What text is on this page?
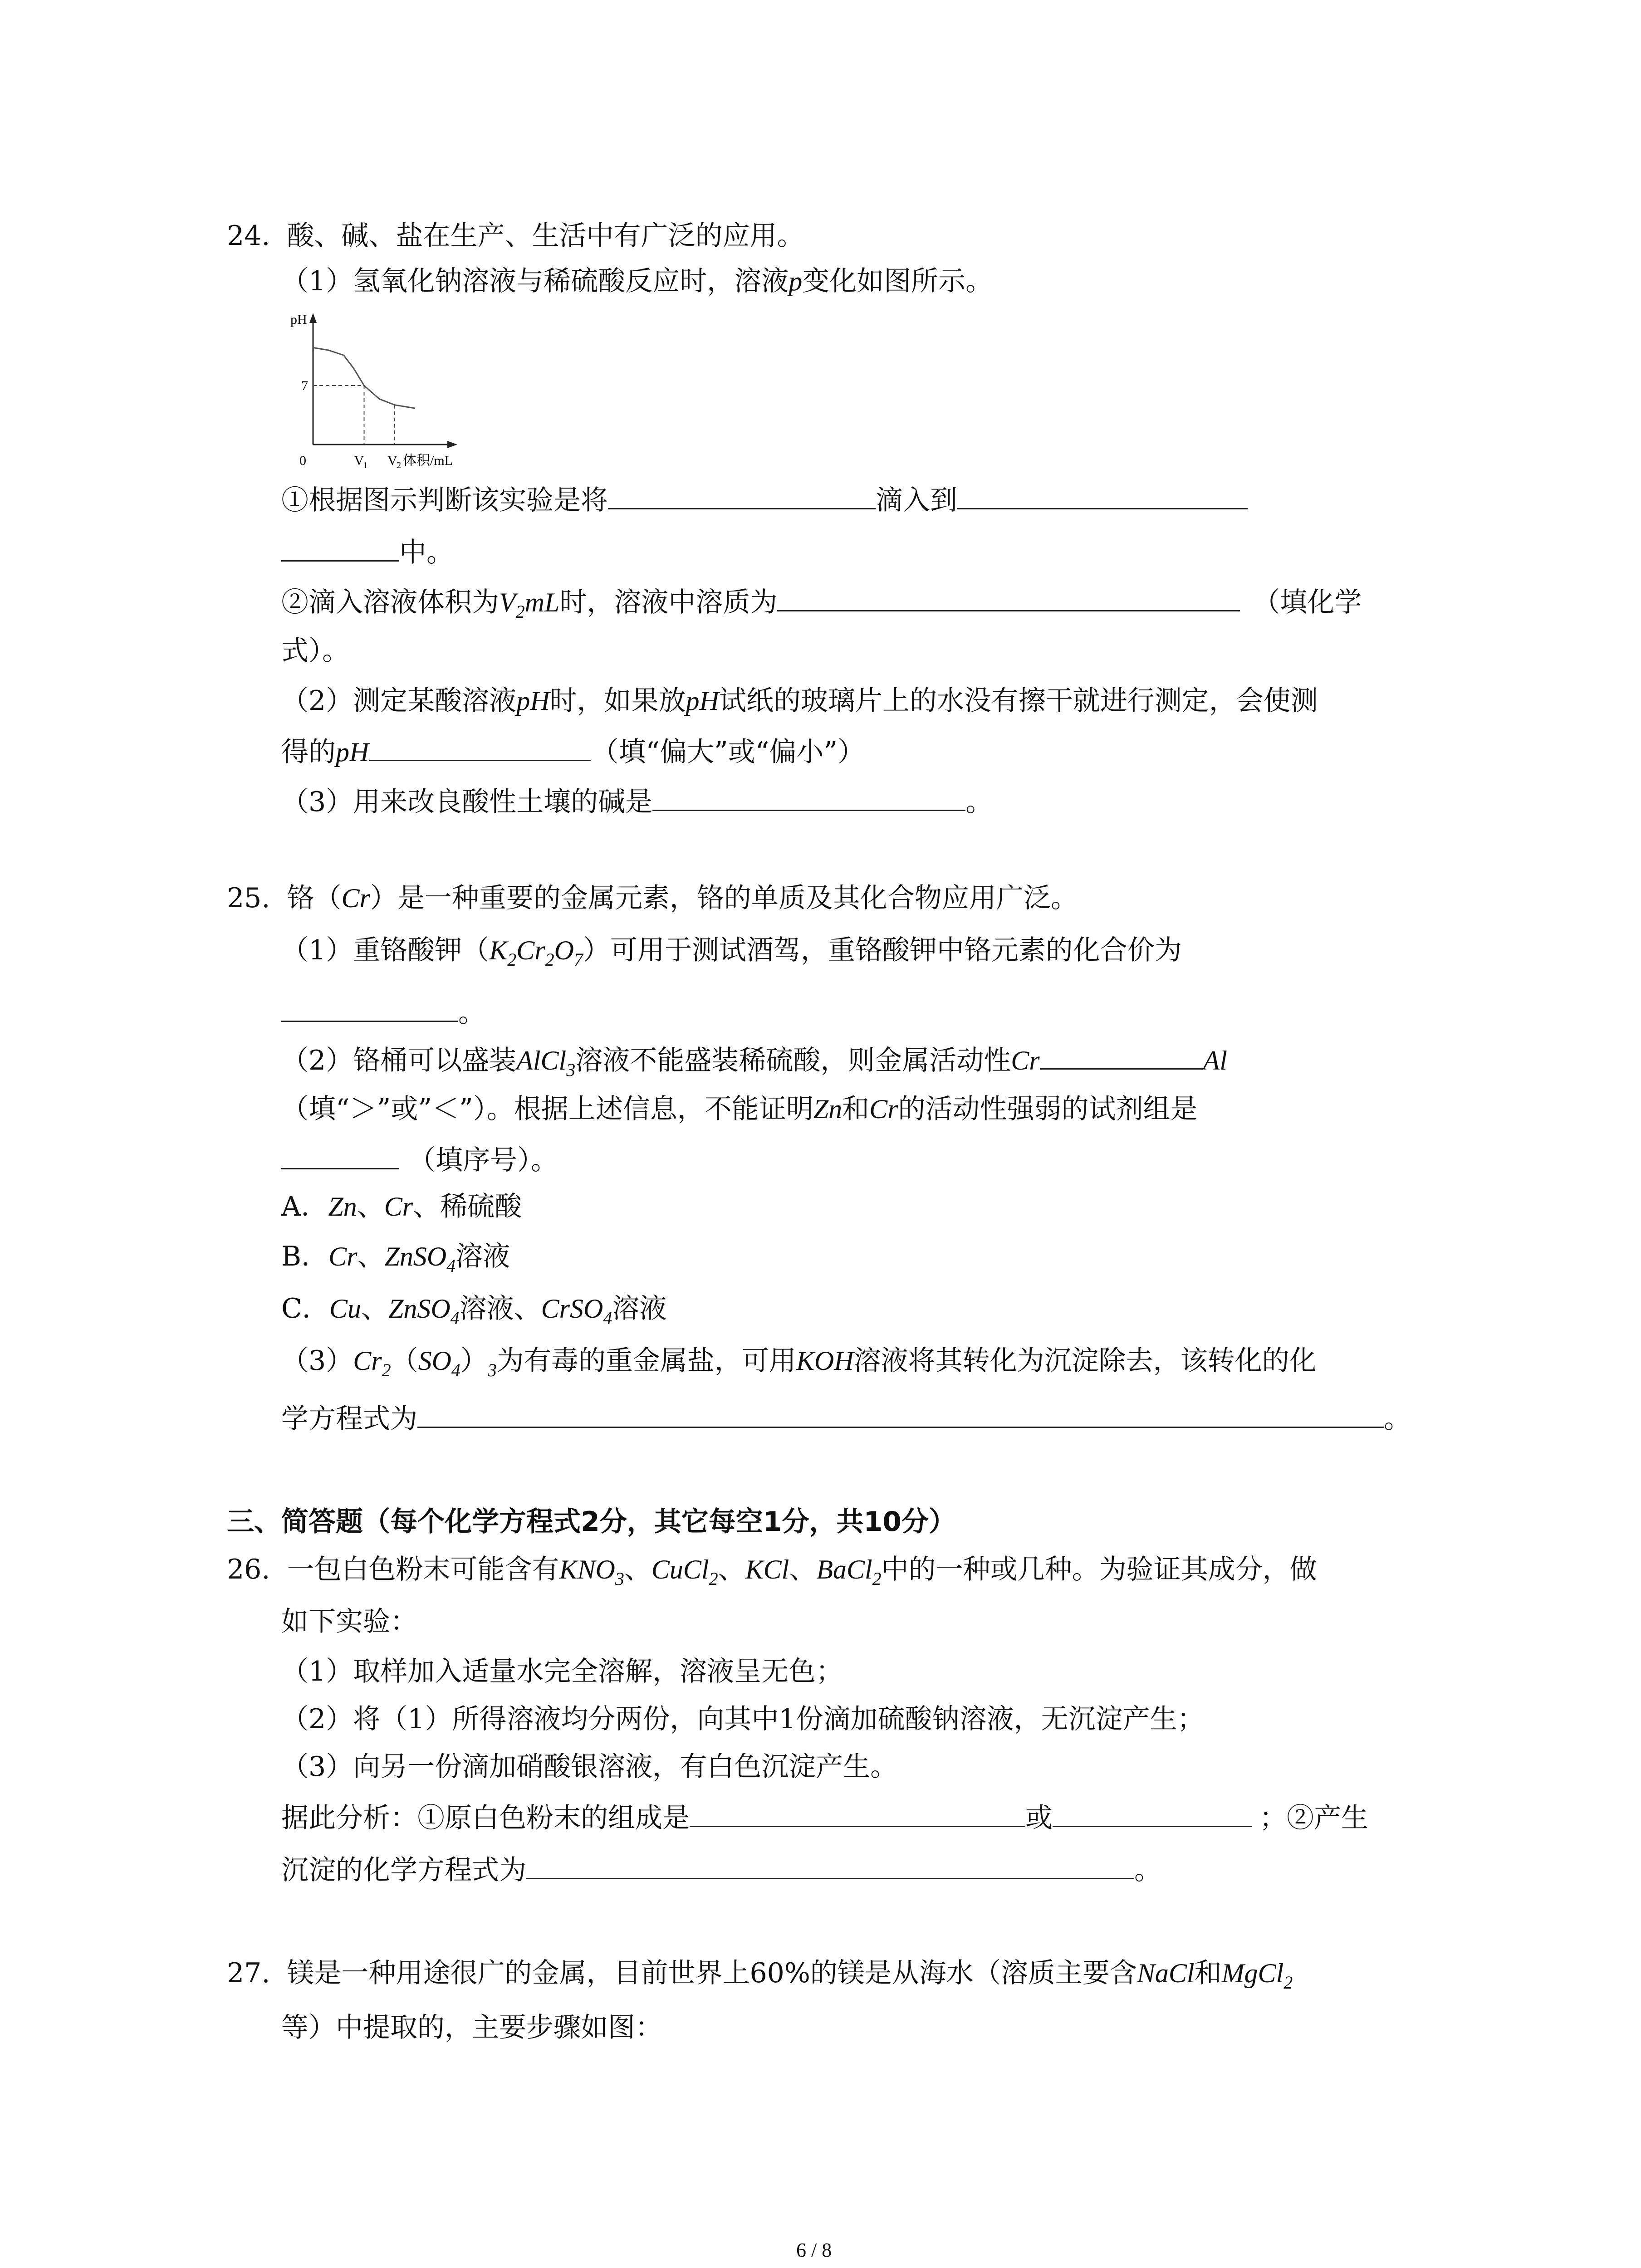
24. 酸、碱、盐在生产、生活中有广泛的应用。
（1）氢氧化钠溶液与稀硫酸反应时，溶液p变化如图所示。
pH
7
0	V
1 V
2 体积/mL
①根据图示判断该实验是将	滴入到
中。
②滴入溶液体积为$V_2mL$时，溶液中溶质为	（填化学
式）。
（2）测定某酸溶液pH时，如果放pH试纸的玻璃片上的水没有擦干就进行测定，会使测
得的pH	（填“偏大”或“偏小”）
（3）用来改良酸性土壤的碱是	。
25. 铬（Cr）是一种重要的金属元素，铬的单质及其化合物应用广泛。
（1）重铬酸钾$(K_2Cr_2O_7)$可用于测试酒驾，重铬酸钾中铬元素的化合价为
。
（2）铬桶可以盛装AlCl$_3$溶液不能盛装稀硫酸，则金属活动性Cr	Al
（填“＞”或”＜”）。根据上述信息，不能证明Zn和Cr的活动性强弱的试剂组是
（填序号）。
A．Zn、Cr、稀硫酸
B．Cr、ZnSO$_4$溶液
C．Cu、ZnSO$_4$溶液、CrSO$_4$溶液
$(3)Cr_2(SO_4)_3$为有毒的重金属盐，可用KOH溶液将其转化为沉淀除去，该转化的化
学方程式为	。
三、简答题（每个化学方程式2分，其它每空1分，共10分）
26. 一包白色粉末可能含有$KNO_3$、CuCl$_2$、KCl、BaCl$_2$中的一种或几种。为验证其成分，做
如下实验：
（1）取样加入适量水完全溶解，溶液呈无色；
（2）将（1）所得溶液均分两份，向其中1份滴加硫酸钠溶液，无沉淀产生；
（3）向另一份滴加硝酸银溶液，有白色沉淀产生。
据此分析：①原白色粉末的组成是	或	；②产生
沉淀的化学方程式为	。
27. 镁是一种用途很广的金属，目前世界上60%的镁是从海水（溶质主要含NaCl和MgCl$_2$
等）中提取的，主要步骤如图：
6 / 8
